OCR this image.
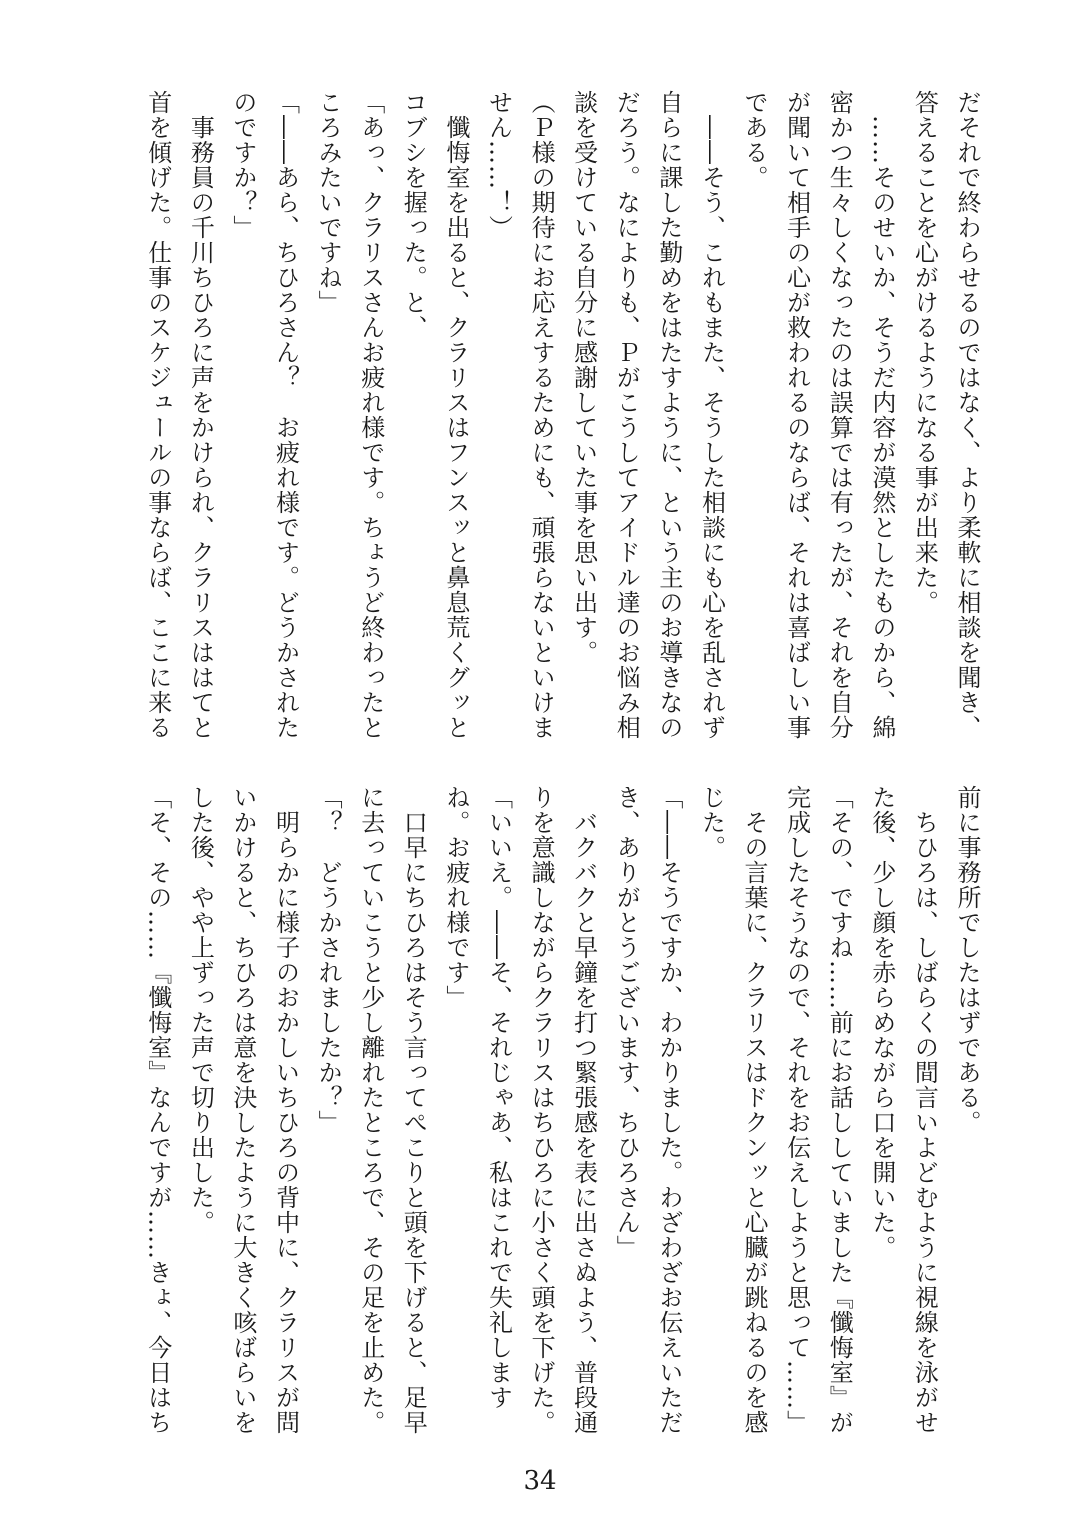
だそれで終わらせるのではなく、より柔軟に相談を聞き、
答えることを心がけるようになる事が出来た。
　……そのせいか、そうだ内容が漠然としたものから、綿
密かつ生々しくなったのは誤算では有ったが、それを自分
が聞いて相手の心が救われるのならば、それは喜ばしい事
である。
　――そう、これもまた、そうした相談にも心を乱されず
自らに課した勤めをはたすように、という主のお導きなの
だろう。なによりも、Ｐがこうしてアイドル達のお悩み相
談を受けている自分に感謝していた事を思い出す。
（Ｐ様の期待にお応えするためにも、頑張らないといけま
せん……！）
　懺悔室を出ると、クラリスはフンスッと鼻息荒くグッと
コブシを握った。と、
「あっ、クラリスさんお疲れ様です。ちょうど終わったと
ころみたいですね」
「――あら、ちひろさん？　お疲れ様です。どうかされた
のですか？」
　事務員の千川ちひろに声をかけられ、クラリスははてと
首を傾げた。仕事のスケジュールの事ならば、ここに来る
前に事務所でしたはずである。
　ちひろは、しばらくの間言いよどむように視線を泳がせ
た後、少し顔を赤らめながら口を開いた。
「その、ですね……前にお話ししていました『懺悔室』が
完成したそうなので、それをお伝えしようと思って……」
　その言葉に、クラリスはドクンッと心臓が跳ねるのを感
じた。
「――そうですか、わかりました。わざわざお伝えいただ
き、ありがとうございます、ちひろさん」
　バクバクと早鐘を打つ緊張感を表に出さぬよう、普段通
りを意識しながらクラリスはちひろに小さく頭を下げた。
「いいえ。――そ、それじゃあ、私はこれで失礼します
ね。お疲れ様です」
　口早にちひろはそう言ってぺこりと頭を下げると、足早
に去っていこうと少し離れたところで、その足を止めた。
「？　どうかされましたか？」
　明らかに様子のおかしいちひろの背中に、クラリスが問
いかけると、ちひろは意を決したように大きく咳ばらいを
した後、やや上ずった声で切り出した。
「そ、その……『懺悔室』なんですが……きょ、今日はち
34
